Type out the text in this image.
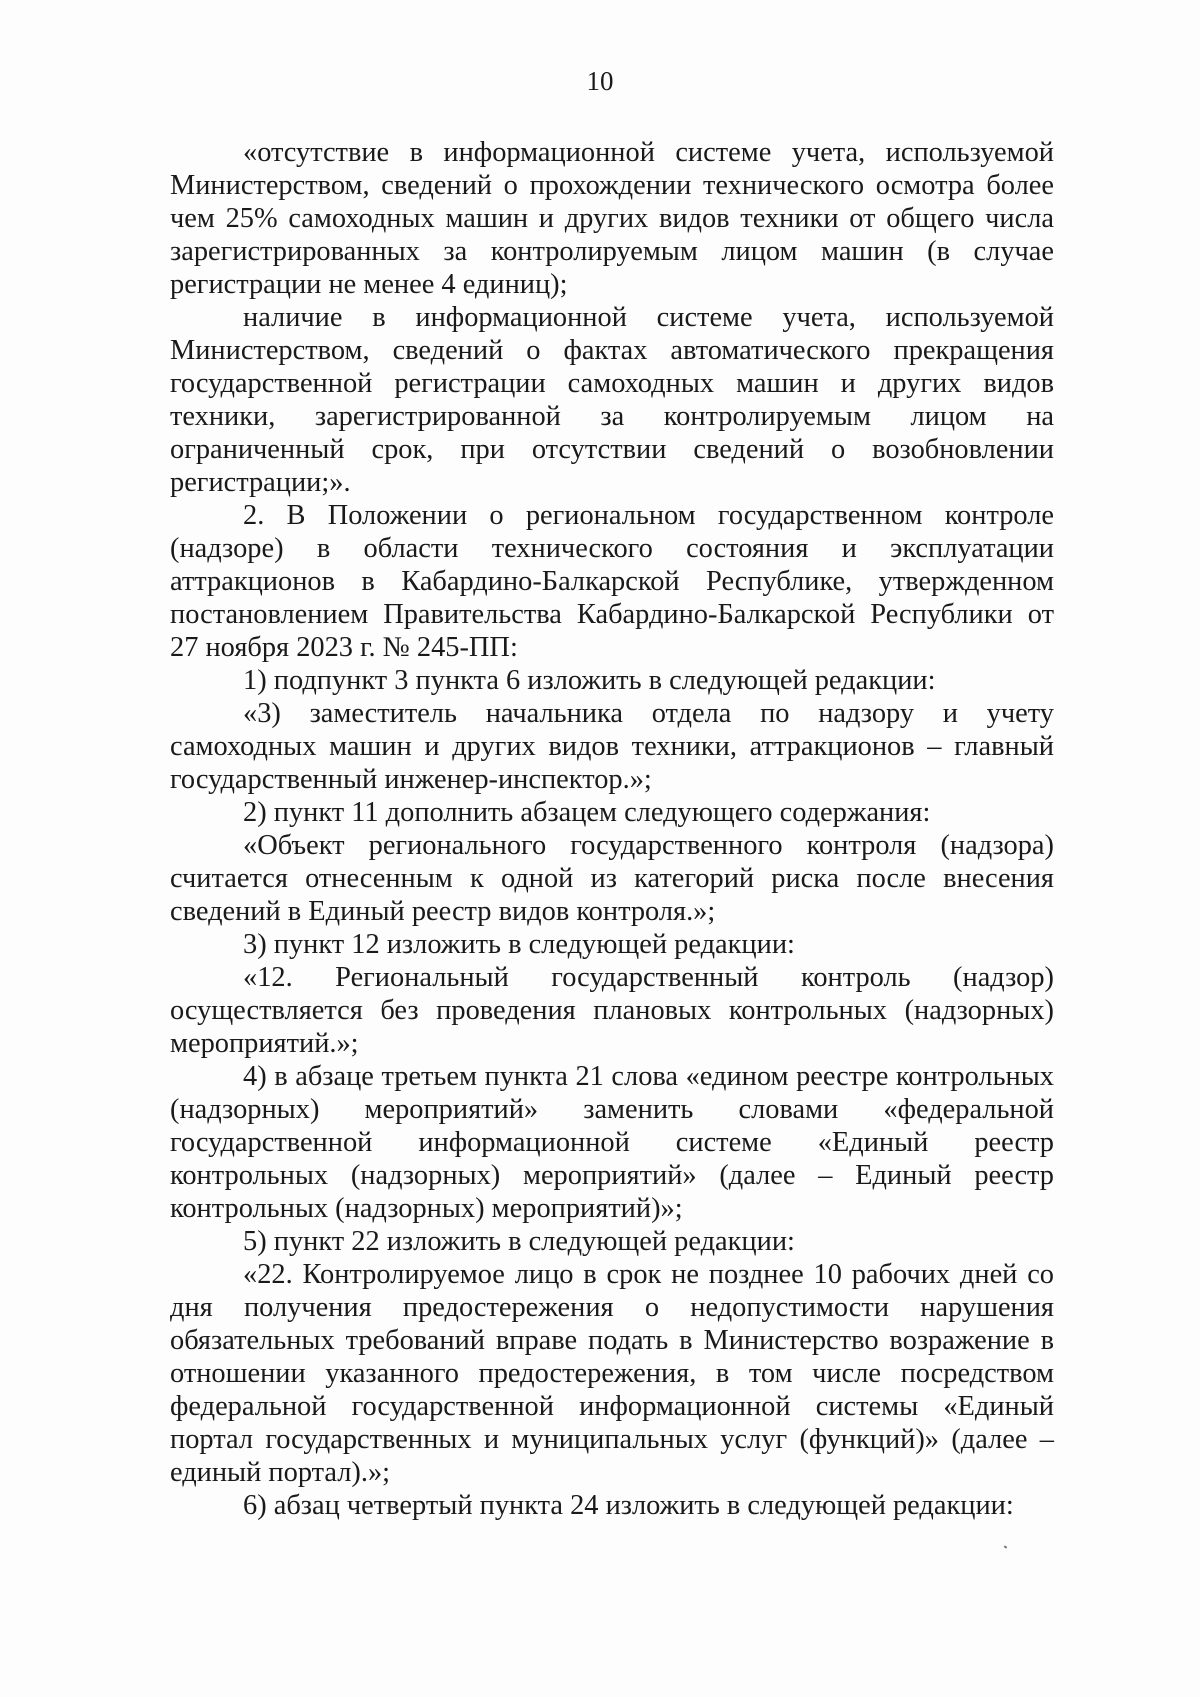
10

«отсутствие в информационной системе учета, используемой Министерством, сведений о прохождении технического осмотра более чем 25% самоходных машин и других видов техники от общего числа зарегистрированных за контролируемым лицом машин (в случае регистрации не менее 4 единиц);

наличие в информационной системе учета, используемой Министерством, сведений о фактах автоматического прекращения государственной регистрации самоходных машин и других видов техники, зарегистрированной за контролируемым лицом на ограниченный срок, при отсутствии сведений о возобновлении регистрации;».

2. В Положении о региональном государственном контроле (надзоре) в области технического состояния и эксплуатации аттракционов в Кабардино-Балкарской Республике, утвержденном постановлением Правительства Кабардино-Балкарской Республики от 27 ноября 2023 г. № 245-ПП:

1) подпункт 3 пункта 6 изложить в следующей редакции:

«3) заместитель начальника отдела по надзору и учету самоходных машин и других видов техники, аттракционов – главный государственный инженер-инспектор.»;

2) пункт 11 дополнить абзацем следующего содержания:

«Объект регионального государственного контроля (надзора) считается отнесенным к одной из категорий риска после внесения сведений в Единый реестр видов контроля.»;

3) пункт 12 изложить в следующей редакции:

«12. Региональный государственный контроль (надзор) осуществляется без проведения плановых контрольных (надзорных) мероприятий.»;

4) в абзаце третьем пункта 21 слова «едином реестре контрольных (надзорных) мероприятий» заменить словами «федеральной государственной информационной системе «Единый реестр контрольных (надзорных) мероприятий» (далее – Единый реестр контрольных (надзорных) мероприятий)»;

5) пункт 22 изложить в следующей редакции:

«22. Контролируемое лицо в срок не позднее 10 рабочих дней со дня получения предостережения о недопустимости нарушения обязательных требований вправе подать в Министерство возражение в отношении указанного предостережения, в том числе посредством федеральной государственной информационной системы «Единый портал государственных и муниципальных услуг (функций)» (далее – единый портал).»;

6) абзац четвертый пункта 24 изложить в следующей редакции:
